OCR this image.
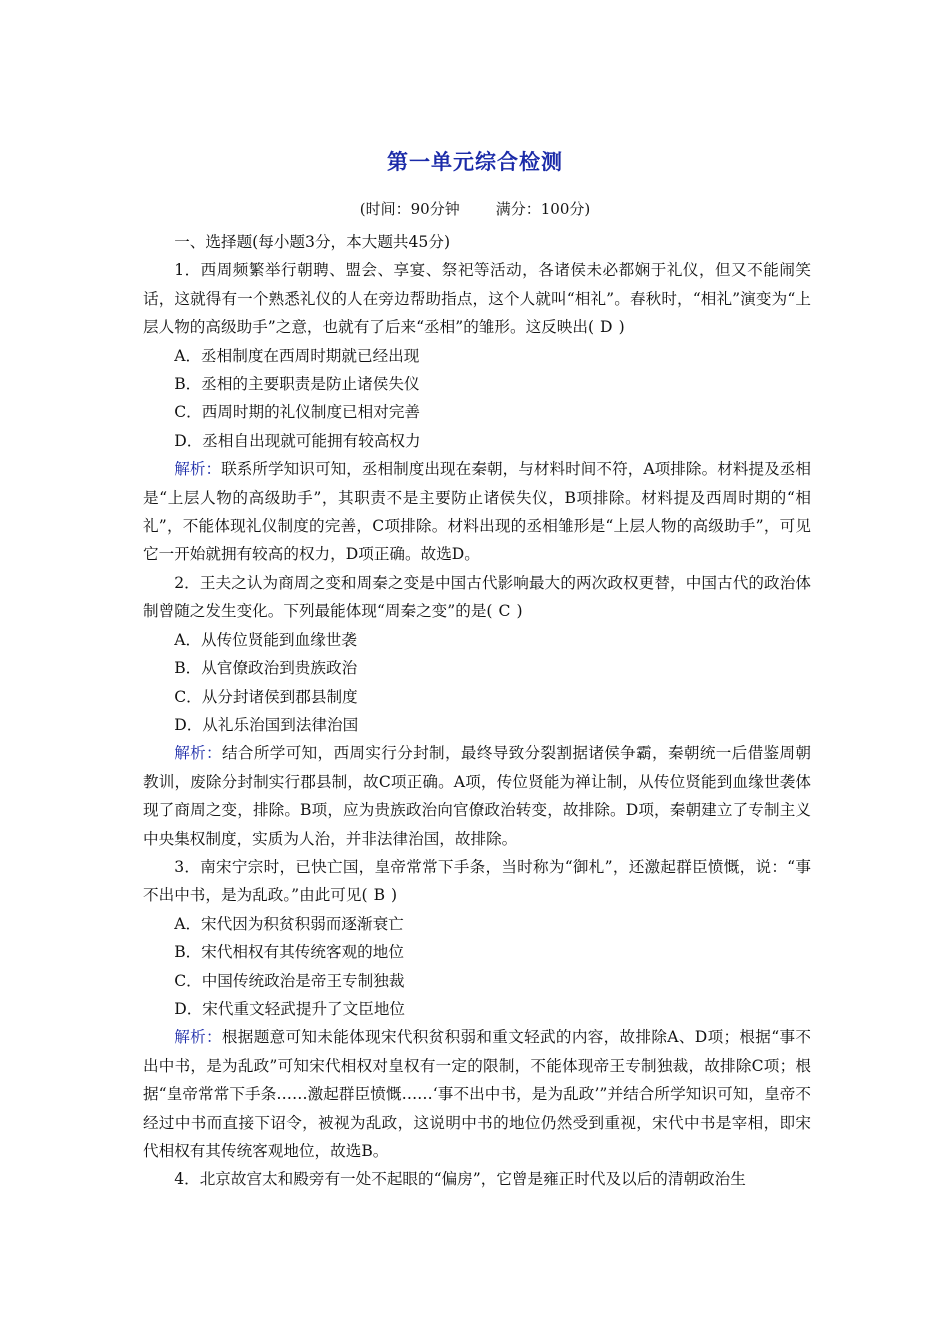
第一单元综合检测
(时间：90分钟 满分：100分)

一、选择题(每小题3分，本大题共45分)

1．西周频繁举行朝聘、盟会、享宴、祭祀等活动，各诸侯未必都娴于礼仪，但又不能闹笑话，这就得有一个熟悉礼仪的人在旁边帮助指点，这个人就叫“相礼”。春秋时，“相礼”演变为“上层人物的高级助手”之意，也就有了后来“丞相”的雏形。这反映出( D )

A．丞相制度在西周时期就已经出现

B．丞相的主要职责是防止诸侯失仪

C．西周时期的礼仪制度已相对完善

D．丞相自出现就可能拥有较高权力

解析：联系所学知识可知，丞相制度出现在秦朝，与材料时间不符，A项排除。材料提及丞相是“上层人物的高级助手”，其职责不是主要防止诸侯失仪，B项排除。材料提及西周时期的“相礼”，不能体现礼仪制度的完善，C项排除。材料出现的丞相雏形是“上层人物的高级助手”，可见它一开始就拥有较高的权力，D项正确。故选D。

2．王夫之认为商周之变和周秦之变是中国古代影响最大的两次政权更替，中国古代的政治体制曾随之发生变化。下列最能体现“周秦之变”的是( C )

A．从传位贤能到血缘世袭

B．从官僚政治到贵族政治

C．从分封诸侯到郡县制度

D．从礼乐治国到法律治国

解析：结合所学可知，西周实行分封制，最终导致分裂割据诸侯争霸，秦朝统一后借鉴周朝教训，废除分封制实行郡县制，故C项正确。A项，传位贤能为禅让制，从传位贤能到血缘世袭体现了商周之变，排除。B项，应为贵族政治向官僚政治转变，故排除。D项，秦朝建立了专制主义中央集权制度，实质为人治，并非法律治国，故排除。

3．南宋宁宗时，已快亡国，皇帝常常下手条，当时称为“御札”，还激起群臣愤慨，说：“事不出中书，是为乱政。”由此可见( B )

A．宋代因为积贫积弱而逐渐衰亡

B．宋代相权有其传统客观的地位

C．中国传统政治是帝王专制独裁

D．宋代重文轻武提升了文臣地位

解析：根据题意可知未能体现宋代积贫积弱和重文轻武的内容，故排除A、D项；根据“事不出中书，是为乱政”可知宋代相权对皇权有一定的限制，不能体现帝王专制独裁，故排除C项；根据“皇帝常常下手条……激起群臣愤慨……‘事不出中书，是为乱政’”并结合所学知识可知，皇帝不经过中书而直接下诏令，被视为乱政，这说明中书的地位仍然受到重视，宋代中书是宰相，即宋代相权有其传统客观地位，故选B。

4．北京故宫太和殿旁有一处不起眼的“偏房”，它曾是雍正时代及以后的清朝政治生
